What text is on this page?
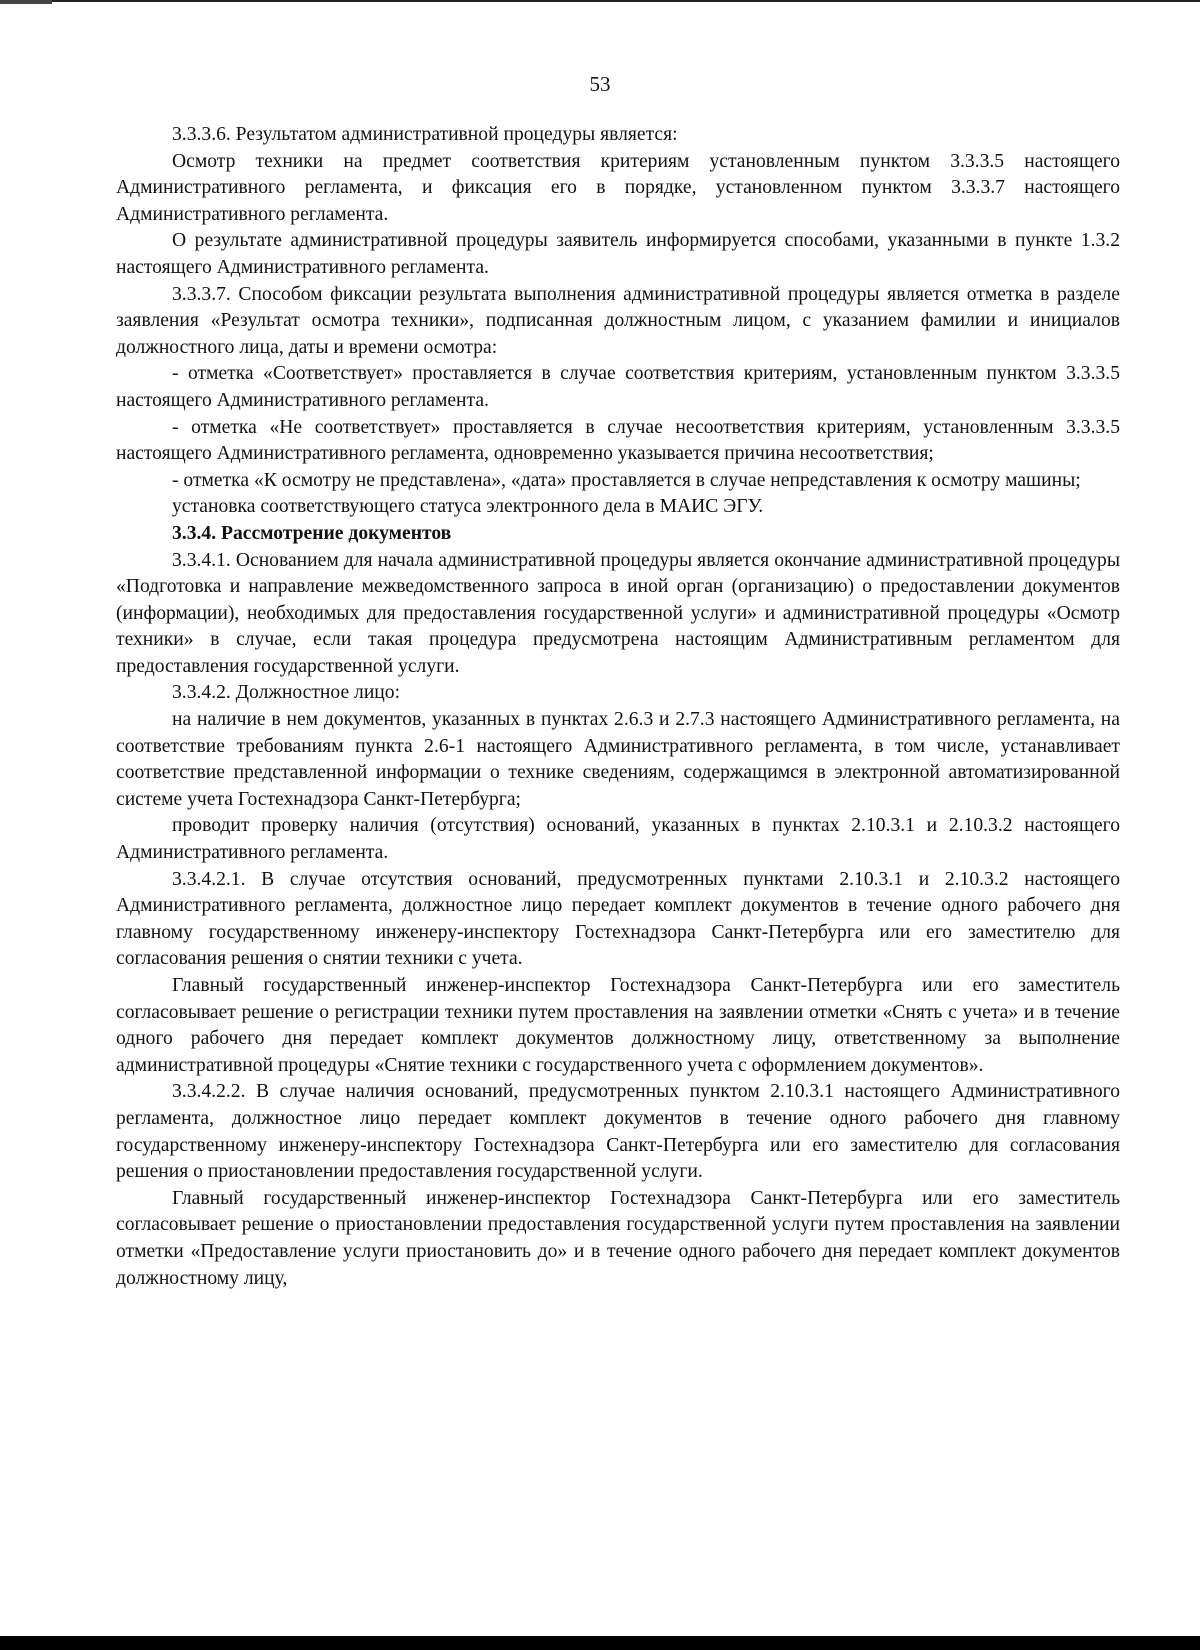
53

3.3.3.6. Результатом административной процедуры является:

Осмотр техники на предмет соответствия критериям установленным пунктом 3.3.3.5 настоящего Административного регламента, и фиксация его в порядке, установленном пунктом 3.3.3.7 настоящего Административного регламента.

О результате административной процедуры заявитель информируется способами, указанными в пункте 1.3.2 настоящего Административного регламента.

3.3.3.7. Способом фиксации результата выполнения административной процедуры является отметка в разделе заявления «Результат осмотра техники», подписанная должностным лицом, с указанием фамилии и инициалов должностного лица, даты и времени осмотра:

- отметка «Соответствует» проставляется в случае соответствия критериям, установленным пунктом 3.3.3.5 настоящего Административного регламента.

- отметка «Не соответствует» проставляется в случае несоответствия критериям, установленным 3.3.3.5 настоящего Административного регламента, одновременно указывается причина несоответствия;

- отметка «К осмотру не представлена», «дата» проставляется в случае непредставления к осмотру машины;

установка соответствующего статуса электронного дела в МАИС ЭГУ.

3.3.4. Рассмотрение документов

3.3.4.1. Основанием для начала административной процедуры является окончание административной процедуры «Подготовка и направление межведомственного запроса в иной орган (организацию) о предоставлении документов (информации), необходимых для предоставления государственной услуги» и административной процедуры «Осмотр техники» в случае, если такая процедура предусмотрена настоящим Административным регламентом для предоставления государственной услуги.

3.3.4.2. Должностное лицо:

на наличие в нем документов, указанных в пунктах 2.6.3 и 2.7.3 настоящего Административного регламента, на соответствие требованиям пункта 2.6-1 настоящего Административного регламента, в том числе, устанавливает соответствие представленной информации о технике сведениям, содержащимся в электронной автоматизированной системе учета Гостехнадзора Санкт-Петербурга;

проводит проверку наличия (отсутствия) оснований, указанных в пунктах 2.10.3.1 и 2.10.3.2 настоящего Административного регламента.

3.3.4.2.1. В случае отсутствия оснований, предусмотренных пунктами 2.10.3.1 и 2.10.3.2 настоящего Административного регламента, должностное лицо передает комплект документов в течение одного рабочего дня главному государственному инженеру-инспектору Гостехнадзора Санкт-Петербурга или его заместителю для согласования решения о снятии техники с учета.

Главный государственный инженер-инспектор Гостехнадзора Санкт-Петербурга или его заместитель согласовывает решение о регистрации техники путем проставления на заявлении отметки «Снять с учета» и в течение одного рабочего дня передает комплект документов должностному лицу, ответственному за выполнение административной процедуры «Снятие техники с государственного учета с оформлением документов».

3.3.4.2.2. В случае наличия оснований, предусмотренных пунктом 2.10.3.1 настоящего Административного регламента, должностное лицо передает комплект документов в течение одного рабочего дня главному государственному инженеру-инспектору Гостехнадзора Санкт-Петербурга или его заместителю для согласования решения о приостановлении предоставления государственной услуги.

Главный государственный инженер-инспектор Гостехнадзора Санкт-Петербурга или его заместитель согласовывает решение о приостановлении предоставления государственной услуги путем проставления на заявлении отметки «Предоставление услуги приостановить до» и в течение одного рабочего дня передает комплект документов должностному лицу,
